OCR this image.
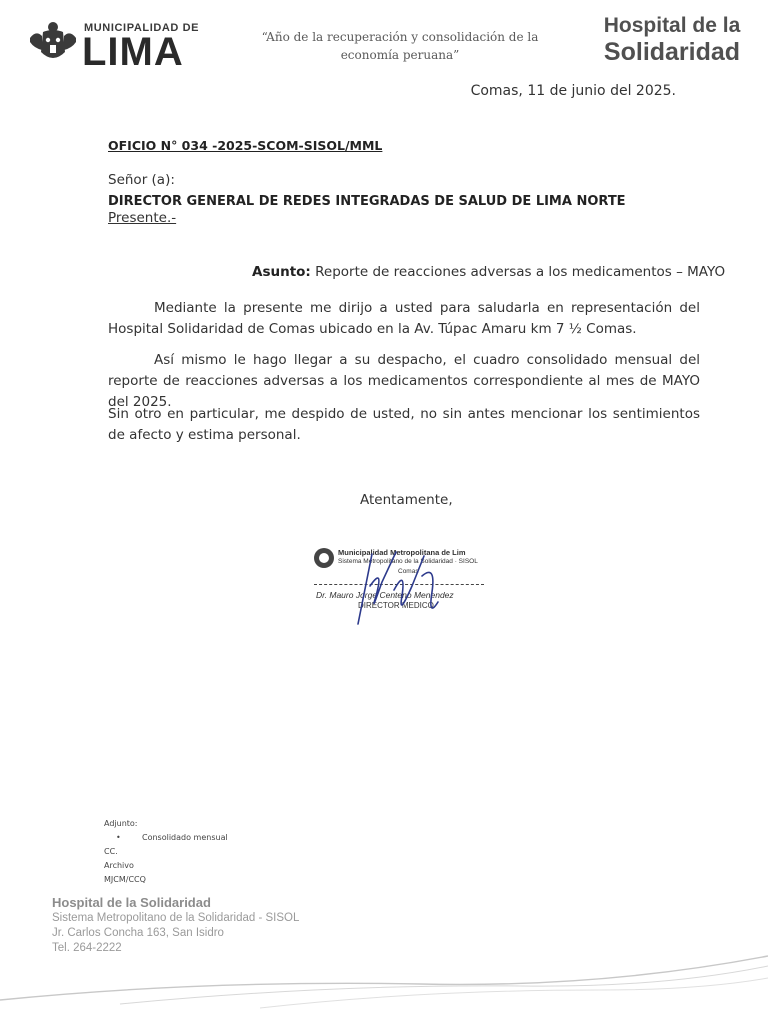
MUNICIPALIDAD DE
LIMA	“Año de la recuperación y consolidación de la economía peruana”
Hospital de la
Solidaridad
Comas, 11 de junio del 2025.
OFICIO N° 034 -2025-SCOM-SISOL/MML
Señor (a):
DIRECTOR GENERAL DE REDES INTEGRADAS DE SALUD DE LIMA NORTE
Presente.-
Asunto: Reporte de reacciones adversas a los medicamentos – MAYO
Mediante la presente me dirijo a usted para saludarla en representación del Hospital Solidaridad de Comas ubicado en la Av. Túpac Amaru km 7 ½ Comas.
Así mismo le hago llegar a su despacho, el cuadro consolidado mensual del reporte de reacciones adversas a los medicamentos correspondiente al mes de MAYO del 2025.
Sin otro en particular, me despido de usted, no sin antes mencionar los sentimientos de afecto y estima personal.
Atentamente,
Municipalidad Metropolitana de Lim
Sistema Metropolitano de la Solidaridad · SISOL
Comas
Dr. Mauro Jorge Centeno Menendez
DIRECTOR MEDICO
Adjunto:
•	Consolidado mensual
CC.
Archivo
MJCM/CCQ
Hospital de la Solidaridad
Sistema Metropolitano de la Solidaridad - SISOL
Jr. Carlos Concha 163, San Isidro
Tel. 264-2222
